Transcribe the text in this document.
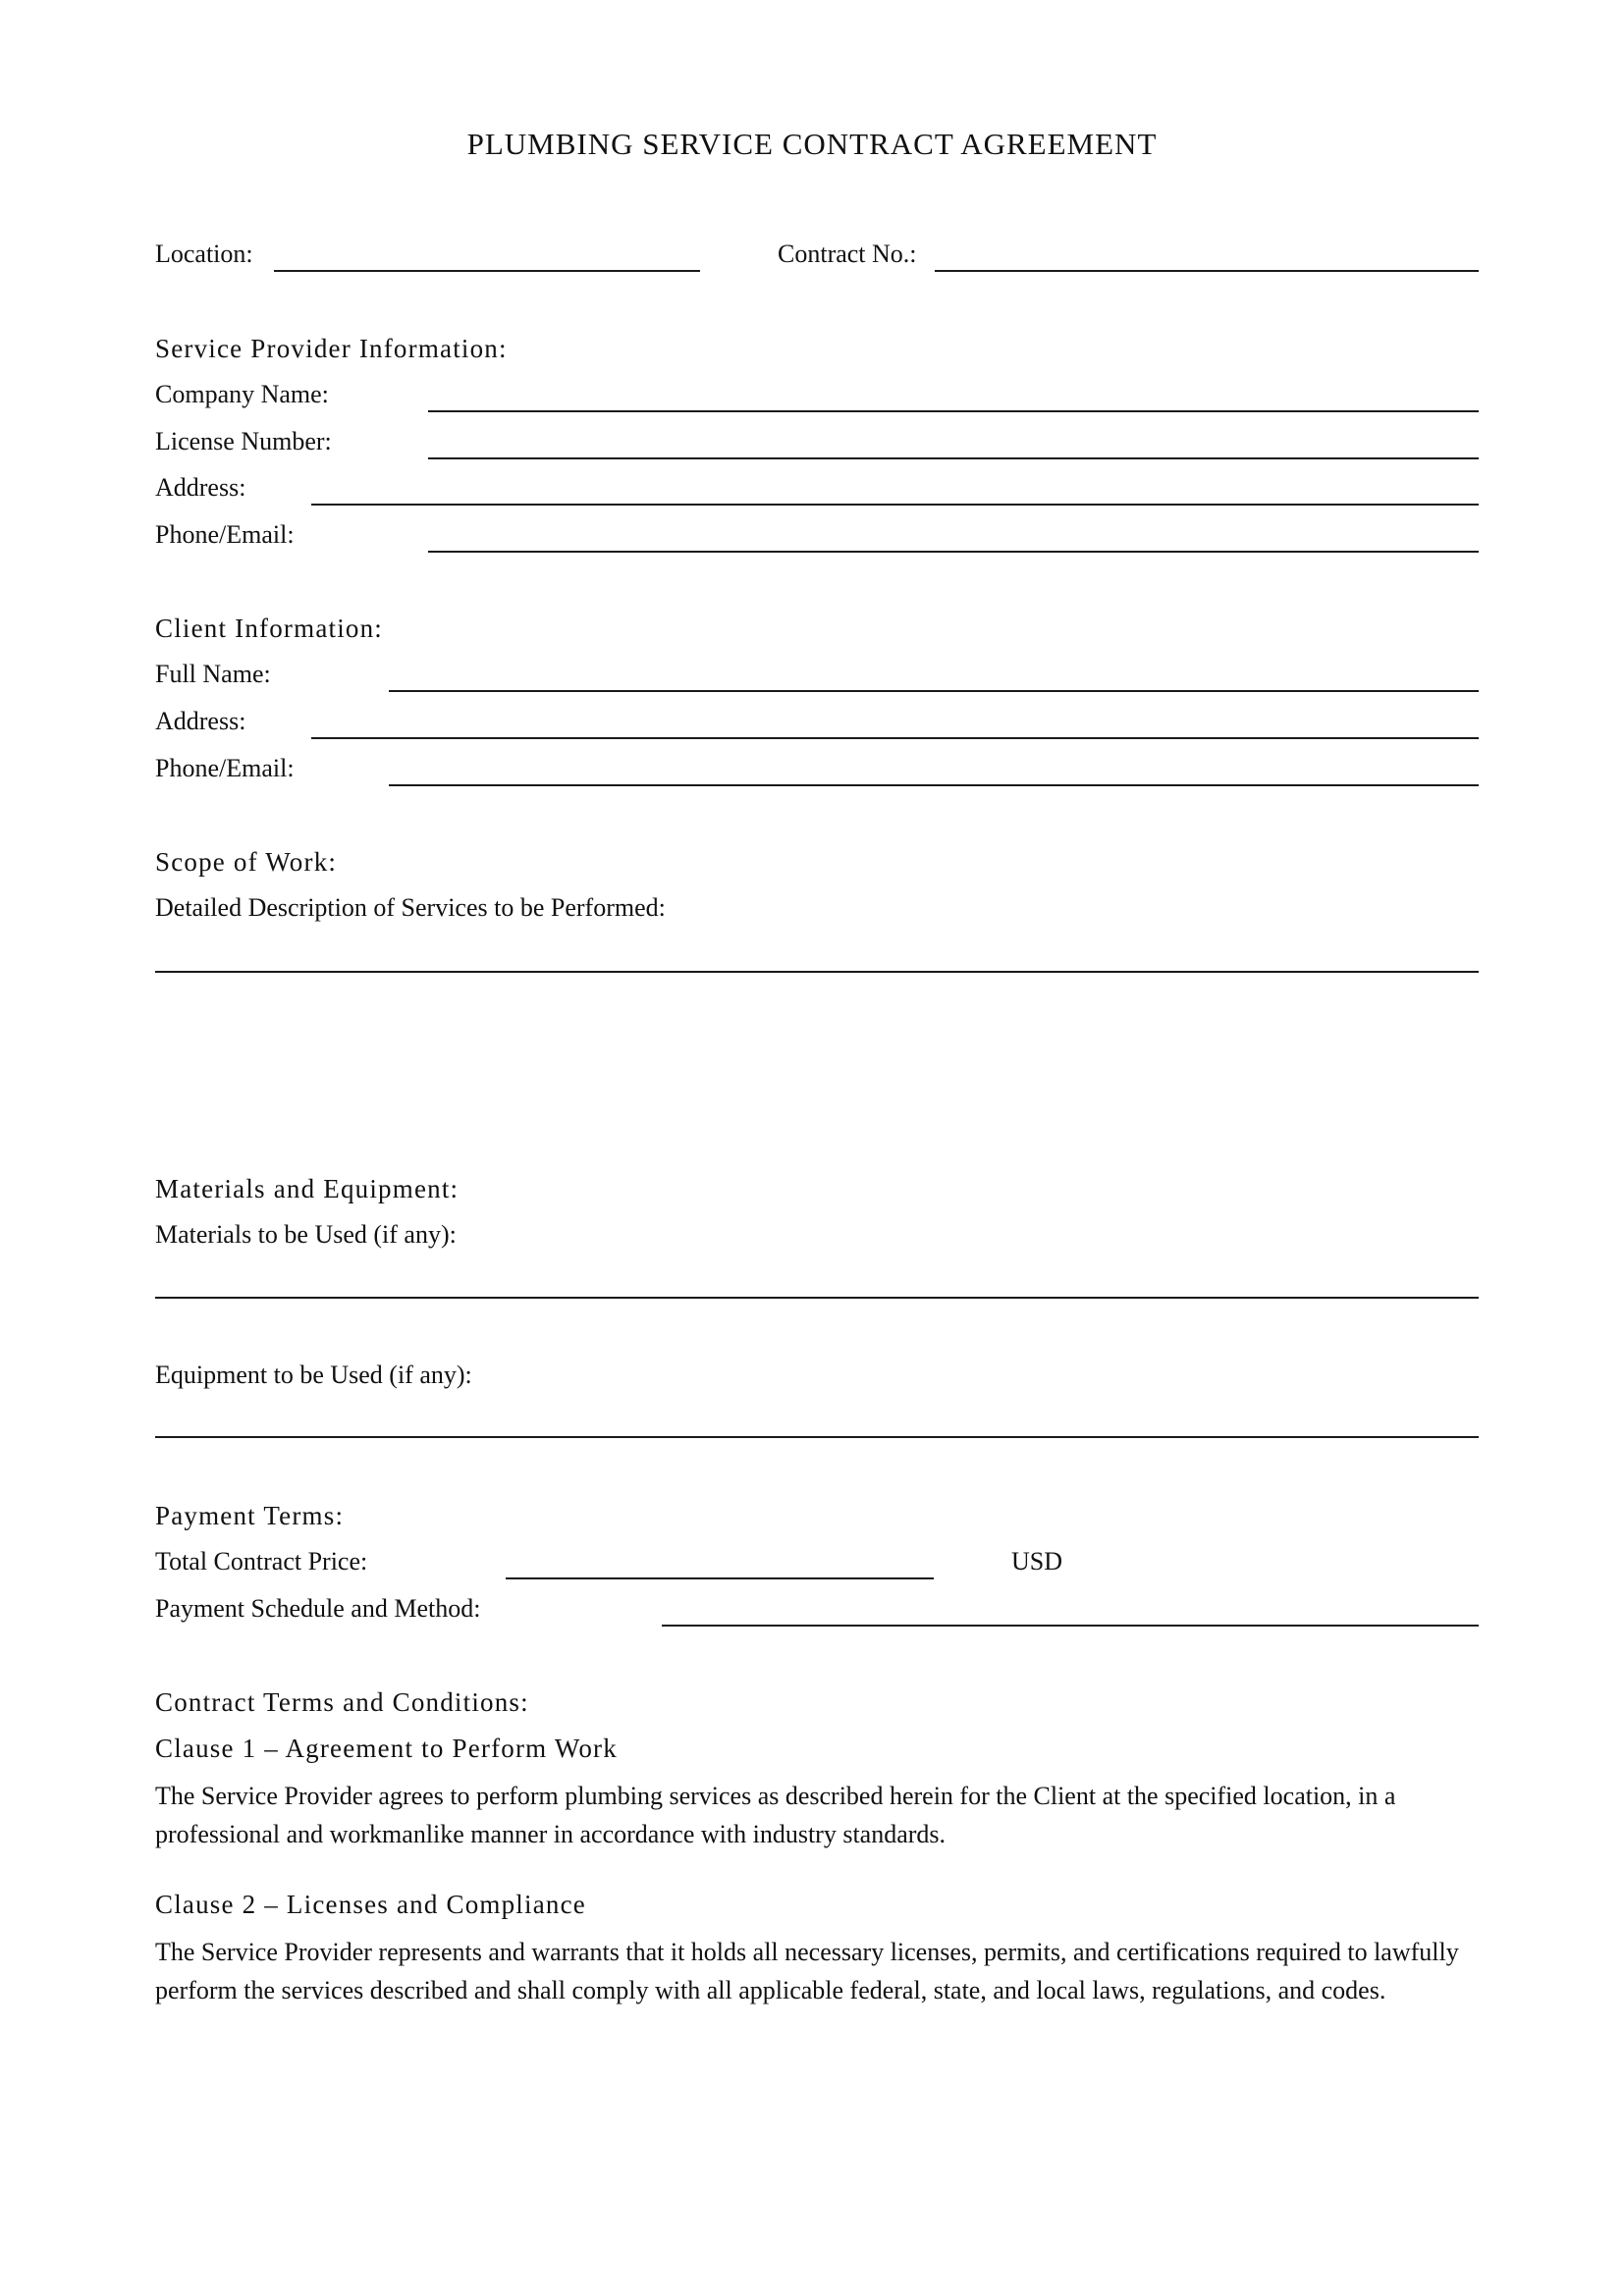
PLUMBING SERVICE CONTRACT AGREEMENT
Location:	Contract No.:
Service Provider Information:
Company Name:
License Number:
Address:
Phone/Email:
Client Information:
Full Name:
Address:
Phone/Email:
Scope of Work:
Detailed Description of Services to be Performed:
Materials and Equipment:
Materials to be Used (if any):
Equipment to be Used (if any):
Payment Terms:
Total Contract Price:	USD
Payment Schedule and Method:
Contract Terms and Conditions:
Clause 1 – Agreement to Perform Work
The Service Provider agrees to perform plumbing services as described herein for the Client at the specified location, in a professional and workmanlike manner in accordance with industry standards.
Clause 2 – Licenses and Compliance
The Service Provider represents and warrants that it holds all necessary licenses, permits, and certifications required to lawfully perform the services described and shall comply with all applicable federal, state, and local laws, regulations, and codes.
